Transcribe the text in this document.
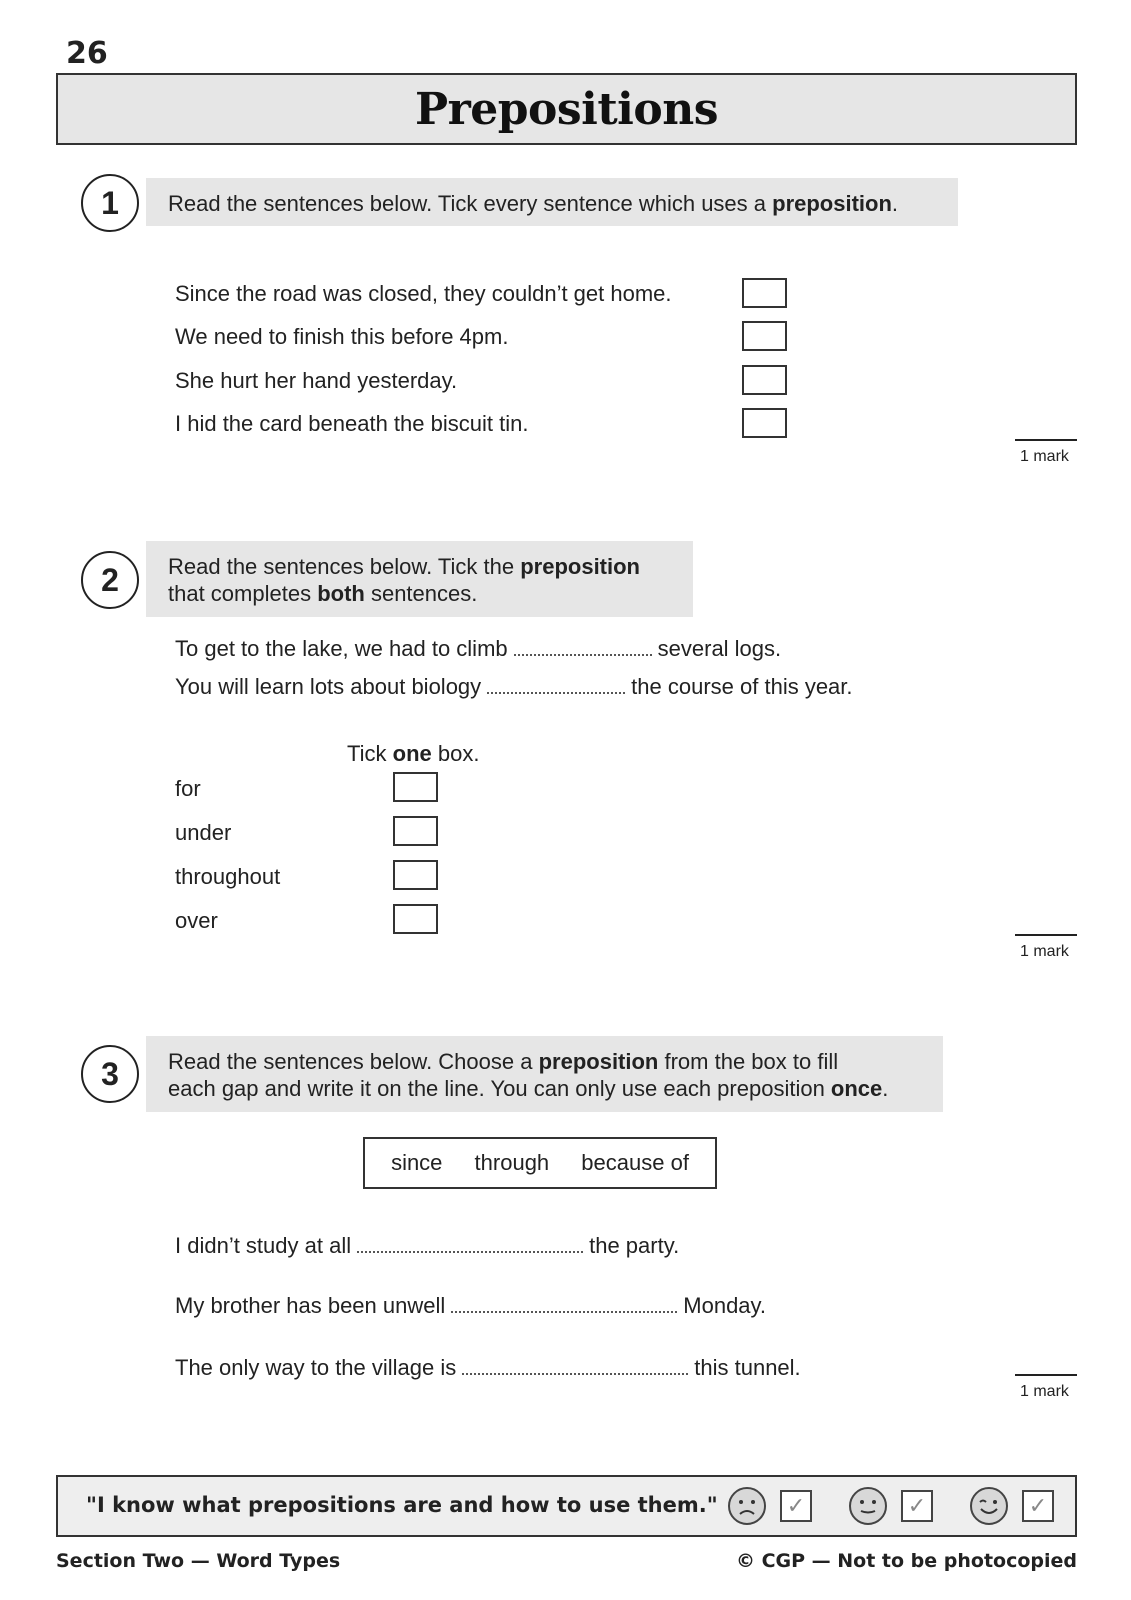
26
Prepositions
1	Read the sentences below. Tick every sentence which uses a preposition.
Since the road was closed, they couldn’t get home.
We need to finish this before 4pm.
She hurt her hand yesterday.
I hid the card beneath the biscuit tin.
1 mark
2	Read the sentences below. Tick the preposition
that completes both sentences.
To get to the lake, we had to climb	several logs.
You will learn lots about biology	the course of this year.
Tick one box.
for
under
throughout
over
1 mark
3	Read the sentences below. Choose a preposition from the box to fill
each gap and write it on the line. You can only use each preposition once.
since through because of
I didn’t study at all	the party.
My brother has been unwell	Monday.
The only way to the village is	this tunnel.
1 mark
"I know what prepositions are and how to use them."	✓	✓	✓
Section Two — Word Types	© CGP — Not to be photocopied
